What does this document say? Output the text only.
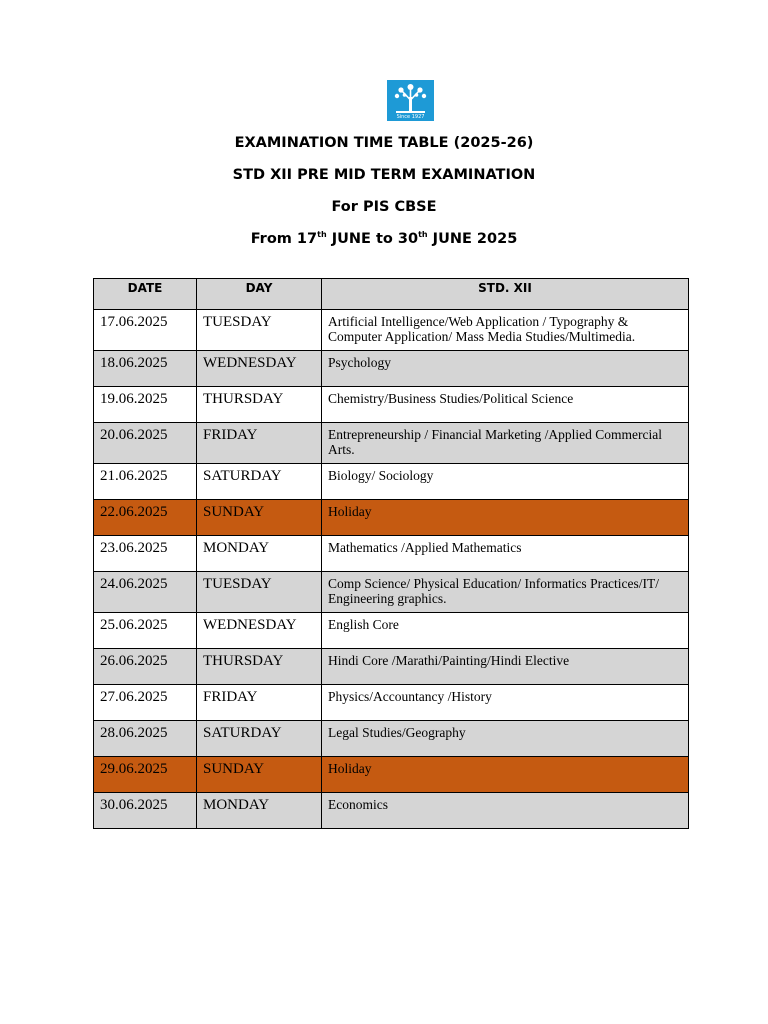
Since 1927
EXAMINATION TIME TABLE (2025-26)
STD XII PRE MID TERM EXAMINATION
For PIS CBSE
From 17th JUNE to 30th JUNE 2025
DATE	DAY	STD. XII
17.06.2025	TUESDAY	Artificial Intelligence/Web Application / Typography & Computer Application/ Mass Media Studies/Multimedia.
18.06.2025	WEDNESDAY	Psychology
19.06.2025	THURSDAY	Chemistry/Business Studies/Political Science
20.06.2025	FRIDAY	Entrepreneurship / Financial Marketing /Applied Commercial Arts.
21.06.2025	SATURDAY	Biology/ Sociology
22.06.2025	SUNDAY	Holiday
23.06.2025	MONDAY	Mathematics /Applied Mathematics
24.06.2025	TUESDAY	Comp Science/ Physical Education/ Informatics Practices/IT/ Engineering graphics.
25.06.2025	WEDNESDAY	English Core
26.06.2025	THURSDAY	Hindi Core /Marathi/Painting/Hindi Elective
27.06.2025	FRIDAY	Physics/Accountancy /History
28.06.2025	SATURDAY	Legal Studies/Geography
29.06.2025	SUNDAY	Holiday
30.06.2025	MONDAY	Economics
